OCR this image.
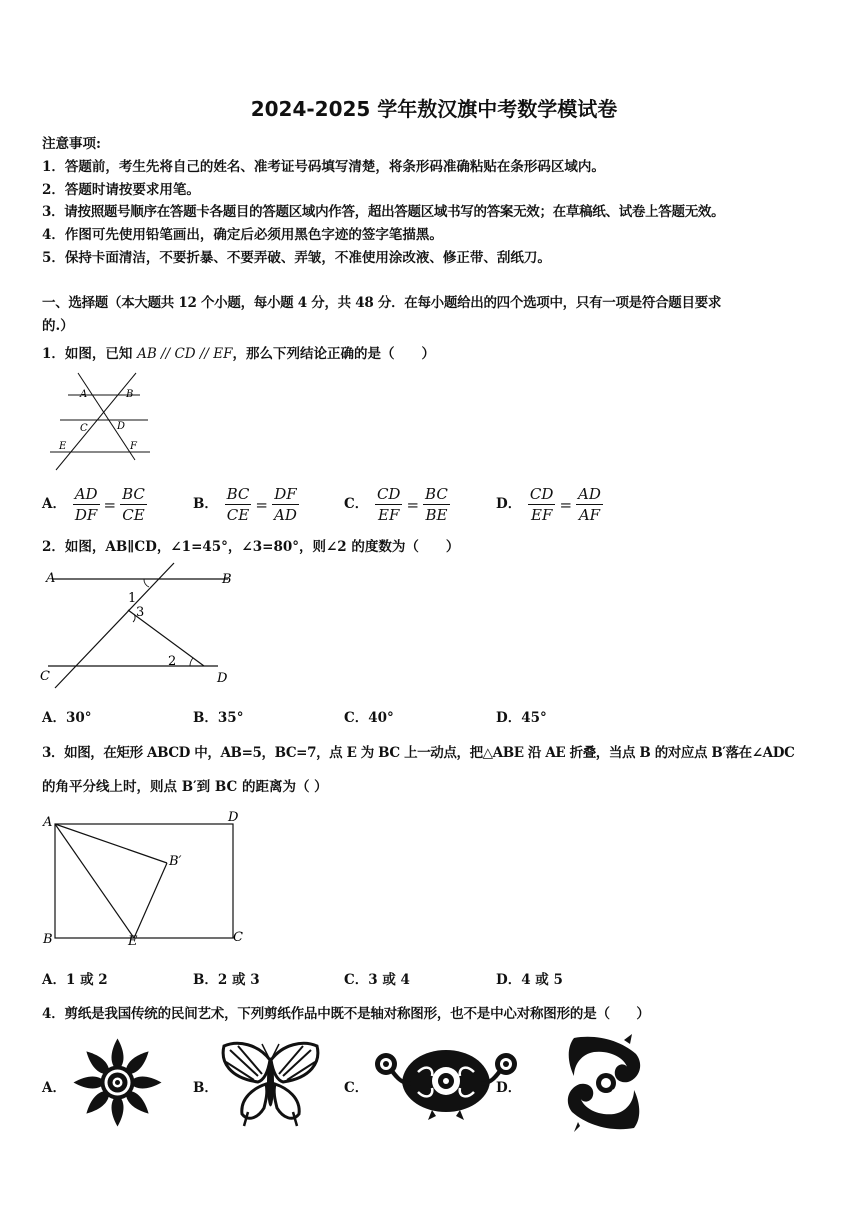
2024-2025 学年敖汉旗中考数学模试卷
注意事项:
1．答题前，考生先将自己的姓名、准考证号码填写清楚，将条形码准确粘贴在条形码区域内。
2．答题时请按要求用笔。
3．请按照题号顺序在答题卡各题目的答题区域内作答，超出答题区域书写的答案无效；在草稿纸、试卷上答题无效。
4．作图可先使用铅笔画出，确定后必须用黑色字迹的签字笔描黑。
5．保持卡面清洁，不要折暴、不要弄破、弄皱，不准使用涂改液、修正带、刮纸刀。
一、选择题（本大题共 12 个小题，每小题 4 分，共 48 分．在每小题给出的四个选项中，只有一项是符合题目要求
的.）
1．如图，已知 AB // CD // EF，那么下列结论正确的是（　　）
A	B
C	D
E	F
A． $\frac{AD}{DF} = \frac{BC}{CE}$	B． $\frac{BC}{CE} = \frac{DF}{AD}$	C． $\frac{CD}{EF} = \frac{BC}{BE}$	D． $\frac{CD}{EF} = \frac{AD}{AF}$
2．如图，AB∥CD，∠1=45°，∠3=80°，则∠2 的度数为（　　）
A	B
C	D
1
2
3
A．30°	B．35°	C．40°	D．45°
3．如图，在矩形 ABCD 中，AB=5，BC=7，点 E 为 BC 上一动点，把△ABE 沿 AE 折叠，当点 B 的对应点 B′落在∠ADC
的角平分线上时，则点 B′到 BC 的距离为（ ）
A	D
B′
B	E	C
A．1 或 2	B．2 或 3	C．3 或 4	D．4 或 5
4．剪纸是我国传统的民间艺术，下列剪纸作品中既不是轴对称图形，也不是中心对称图形的是（　　）
A．	B．	C．	D．
